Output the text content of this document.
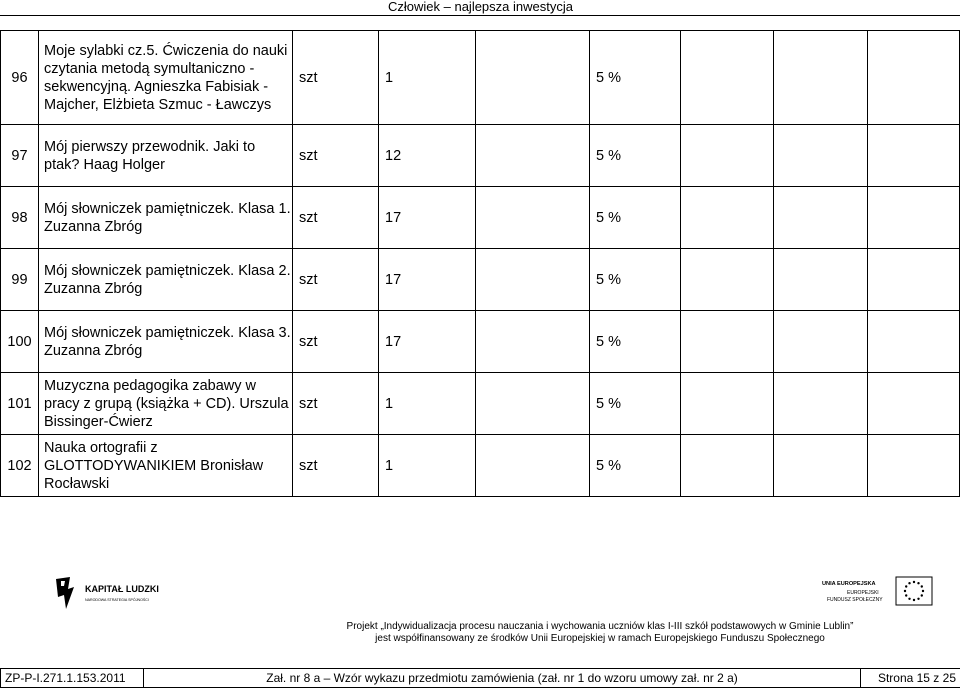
Człowiek – najlepsza inwestycja
96	Moje sylabki cz.5. Ćwiczenia do nauki czytania metodą symultaniczno - sekwencyjną. Agnieszka Fabisiak - Majcher, Elżbieta Szmuc - Ławczys	szt	1		5 %			
97	Mój pierwszy przewodnik. Jaki to ptak? Haag Holger	szt	12		5 %			
98	Mój słowniczek pamiętniczek. Klasa 1. Zuzanna Zbróg	szt	17		5 %			
99	Mój słowniczek pamiętniczek. Klasa 2. Zuzanna Zbróg	szt	17		5 %			
100	Mój słowniczek pamiętniczek. Klasa 3. Zuzanna Zbróg	szt	17		5 %			
101	Muzyczna pedagogika zabawy w pracy z grupą (książka + CD). Urszula Bissinger-Ćwierz	szt	1		5 %			
102	Nauka ortografii z GLOTTODYWANIKIEM Bronisław Rocławski	szt	1		5 %			
KAPITAŁ LUDZKI
NARODOWA STRATEGIA SPÓJNOŚCI
Projekt „Indywidualizacja procesu nauczania i wychowania uczniów klas I-III szkół podstawowych w Gminie Lublin”
jest współfinansowany ze środków Unii Europejskiej w ramach Europejskiego Funduszu Społecznego
UNIA EUROPEJSKA
EUROPEJSKI
FUNDUSZ SPOŁECZNY
ZP-P-I.271.1.153.2011	Zał. nr 8 a – Wzór wykazu przedmiotu zamówienia (zał. nr 1 do wzoru umowy zał. nr 2 a)	Strona 15 z 25
